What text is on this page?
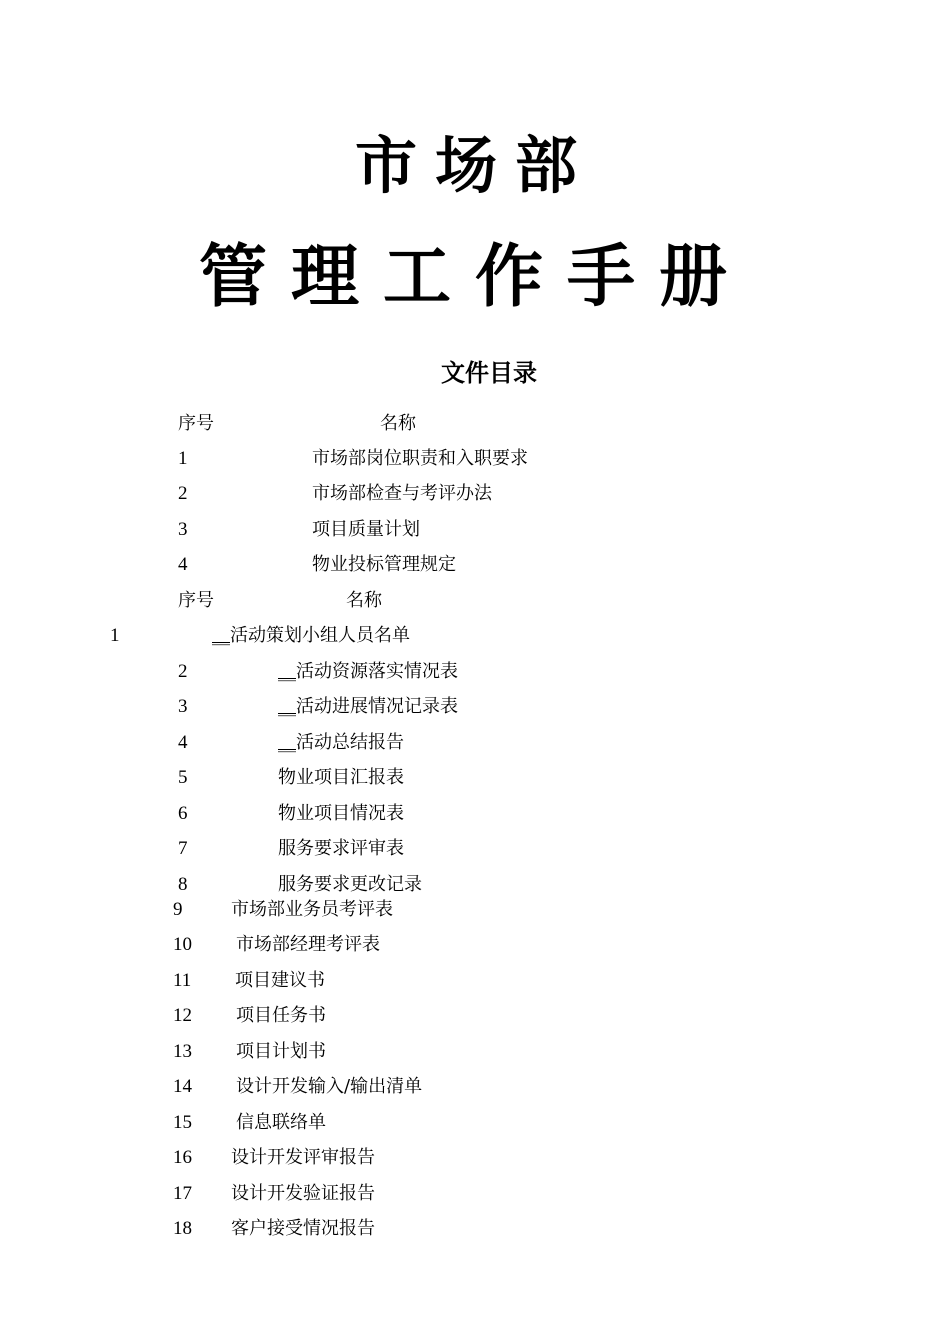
市场部
管理工作手册
文件目录
序号	名称
1	市场部岗位职责和入职要求
2	市场部检查与考评办法
3	项目质量计划
4	物业投标管理规定
序号	名称
1	__活动策划小组人员名单
2	__活动资源落实情况表
3	__活动进展情况记录表
4	__活动总结报告
5	物业项目汇报表
6	物业项目情况表
7	服务要求评审表
8	服务要求更改记录
9	市场部业务员考评表
10 市场部经理考评表
11 项目建议书
12 项目任务书
13 项目计划书
14 设计开发输入/输出清单
15 信息联络单
16 设计开发评审报告
17 设计开发验证报告
18 客户接受情况报告
